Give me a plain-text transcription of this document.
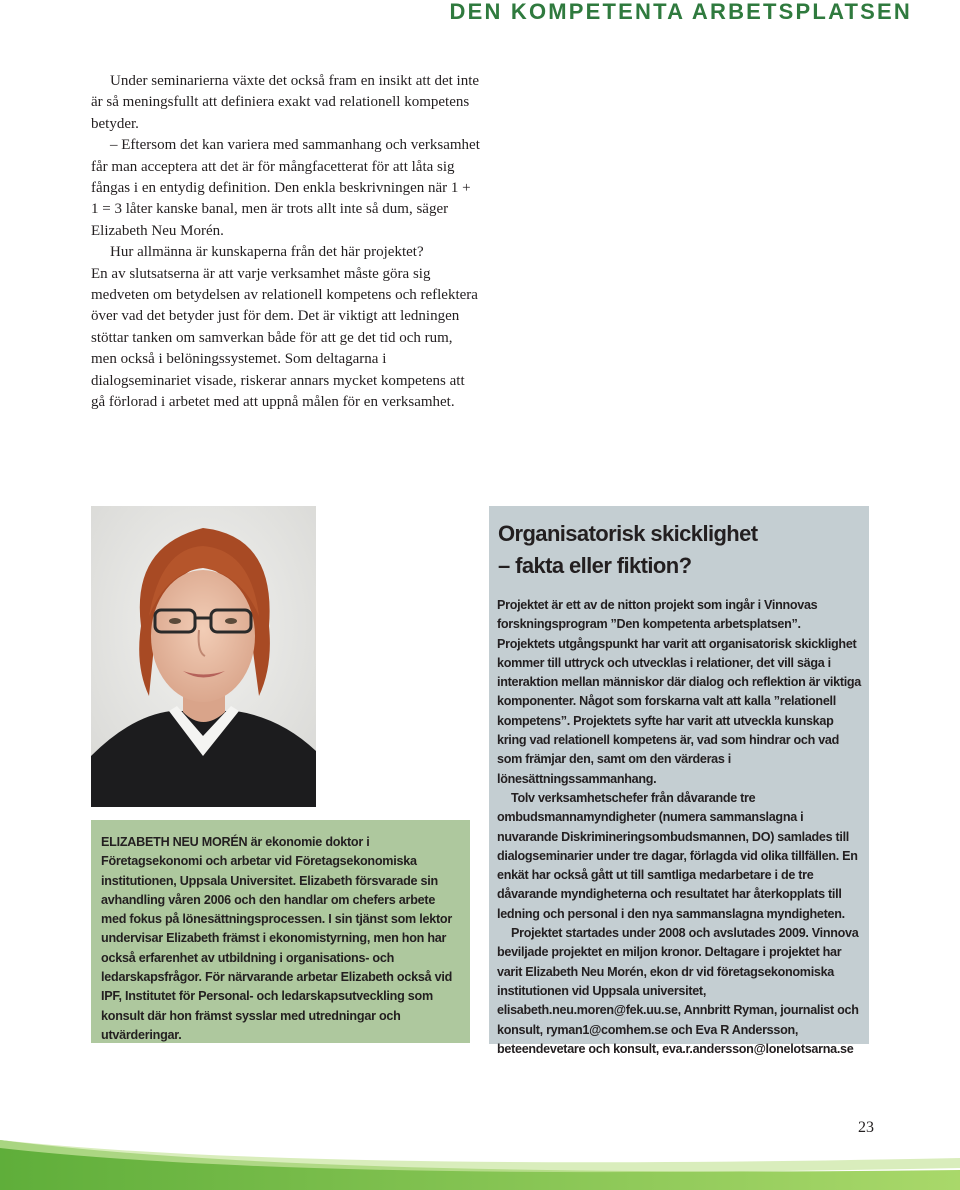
DEN KOMPETENTA ARBETSPLATSEN

Under seminarierna växte det också fram en insikt att det inte är så meningsfullt att definiera exakt vad relationell kompetens betyder.

– Eftersom det kan variera med sammanhang och verksamhet får man acceptera att det är för mångfacetterat för att låta sig fångas i en entydig definition. Den enkla beskrivningen när 1 + 1 = 3 låter kanske banal, men är trots allt inte så dum, säger Elizabeth Neu Morén.

Hur allmänna är kunskaperna från det här projektet?

En av slutsatserna är att varje verksamhet måste göra sig medveten om betydelsen av relationell kompetens och reflektera över vad det betyder just för dem. Det är viktigt att ledningen stöttar tanken om samverkan både för att ge det tid och rum, men också i belöningssystemet. Som deltagarna i dialogseminariet visade, riskerar annars mycket kompetens att gå förlorad i arbetet med att uppnå målen för en verksamhet.

ELIZABETH NEU MORÉN är ekonomie doktor i Företagsekonomi och arbetar vid Företagsekonomiska institutionen, Uppsala Universitet. Elizabeth försvarade sin avhandling våren 2006 och den handlar om chefers arbete med fokus på lönesättningsprocessen. I sin tjänst som lektor undervisar Elizabeth främst i ekonomistyrning, men hon har också erfarenhet av utbildning i organisations- och ledarskapsfrågor. För närvarande arbetar Elizabeth också vid IPF, Institutet för Personal- och ledarskapsutveckling som konsult där hon främst sysslar med utredningar och utvärderingar.

Organisatorisk skicklighet
– fakta eller fiktion?

Projektet är ett av de nitton projekt som ingår i Vinnovas forskningsprogram ”Den kompetenta arbetsplatsen”. Projektets utgångspunkt har varit att organisatorisk skicklighet kommer till uttryck och utvecklas i relationer, det vill säga i interaktion mellan människor där dialog och reflektion är viktiga komponenter. Något som forskarna valt att kalla ”relationell kompetens”. Projektets syfte har varit att utveckla kunskap kring vad relationell kompetens är, vad som hindrar och vad som främjar den, samt om den värderas i lönesättningssammanhang.

Tolv verksamhetschefer från dåvarande tre ombudsmannamyndigheter (numera sammanslagna i nuvarande Diskrimineringsombudsmannen, DO) samlades till dialogseminarier under tre dagar, förlagda vid olika tillfällen. En enkät har också gått ut till samtliga medarbetare i de tre dåvarande myndigheterna och resultatet har återkopplats till ledning och personal i den nya sammanslagna myndigheten.

Projektet startades under 2008 och avslutades 2009. Vinnova beviljade projektet en miljon kronor. Deltagare i projektet har varit Elizabeth Neu Morén, ekon dr vid företagsekonomiska institutionen vid Uppsala universitet, elisabeth.neu.moren@fek.uu.se, Annbritt Ryman, journalist och konsult, ryman1@comhem.se och Eva R Andersson, beteendevetare och konsult, eva.r.andersson@lonelotsarna.se

23
